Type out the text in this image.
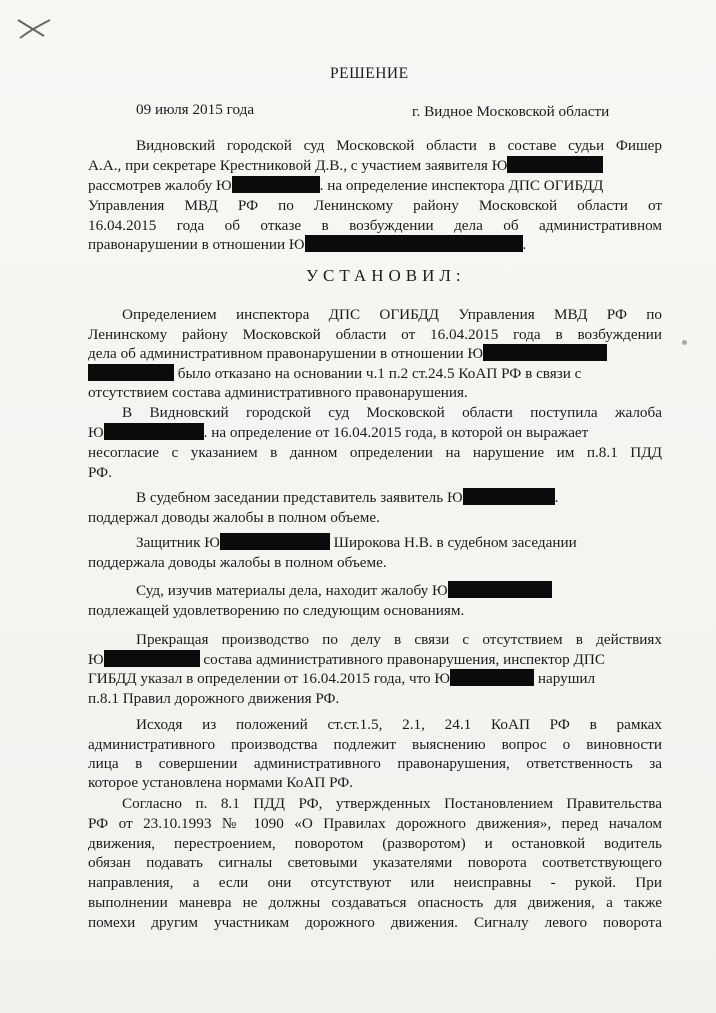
РЕШЕНИЕ

09 июля 2015 года	г. Видное Московской области

Видновский городской суд Московской области в составе судьи Фишер

А.А., при секретаре Крестниковой Д.В., с участием заявителя Ю

рассмотрев жалобу Ю	. на определение инспектора ДПС ОГИБДД

Управления МВД РФ по Ленинскому району Московской области от

16.04.2015 года об отказе в возбуждении дела об административном

правонарушении в отношении Ю	.

УСТАНОВИЛ:

Определением инспектора ДПС ОГИБДД Управления МВД РФ по

Ленинскому району Московской области от 16.04.2015 года в возбуждении

дела об административном правонарушении в отношении Ю

было отказано на основании ч.1 п.2 ст.24.5 КоАП РФ в связи с

отсутствием состава административного правонарушения.

В Видновский городской суд Московской области поступила жалоба

Ю	. на определение от 16.04.2015 года, в которой он выражает

несогласие с указанием в данном определении на нарушение им п.8.1 ПДД

РФ.

В судебном заседании представитель заявитель Ю	.

поддержал доводы жалобы в полном объеме.

Защитник Ю	Широкова Н.В. в судебном заседании

поддержала доводы жалобы в полном объеме.

Суд, изучив материалы дела, находит жалобу Ю

подлежащей удовлетворению по следующим основаниям.

Прекращая производство по делу в связи с отсутствием в действиях

Ю	состава административного правонарушения, инспектор ДПС

ГИБДД указал в определении от 16.04.2015 года, что Ю	нарушил

п.8.1 Правил дорожного движения РФ.

Исходя из положений ст.ст.1.5, 2.1, 24.1 КоАП РФ в рамках

административного производства подлежит выяснению вопрос о виновности

лица в совершении административного правонарушения, ответственность за

которое установлена нормами КоАП РФ.

Согласно п. 8.1 ПДД РФ, утвержденных Постановлением Правительства

РФ от 23.10.1993 № 1090 «О Правилах дорожного движения», перед началом

движения, перестроением, поворотом (разворотом) и остановкой водитель

обязан подавать сигналы световыми указателями поворота соответствующего

направления, а если они отсутствуют или неисправны - рукой. При

выполнении маневра не должны создаваться опасность для движения, а также

помехи другим участникам дорожного движения. Сигналу левого поворота
